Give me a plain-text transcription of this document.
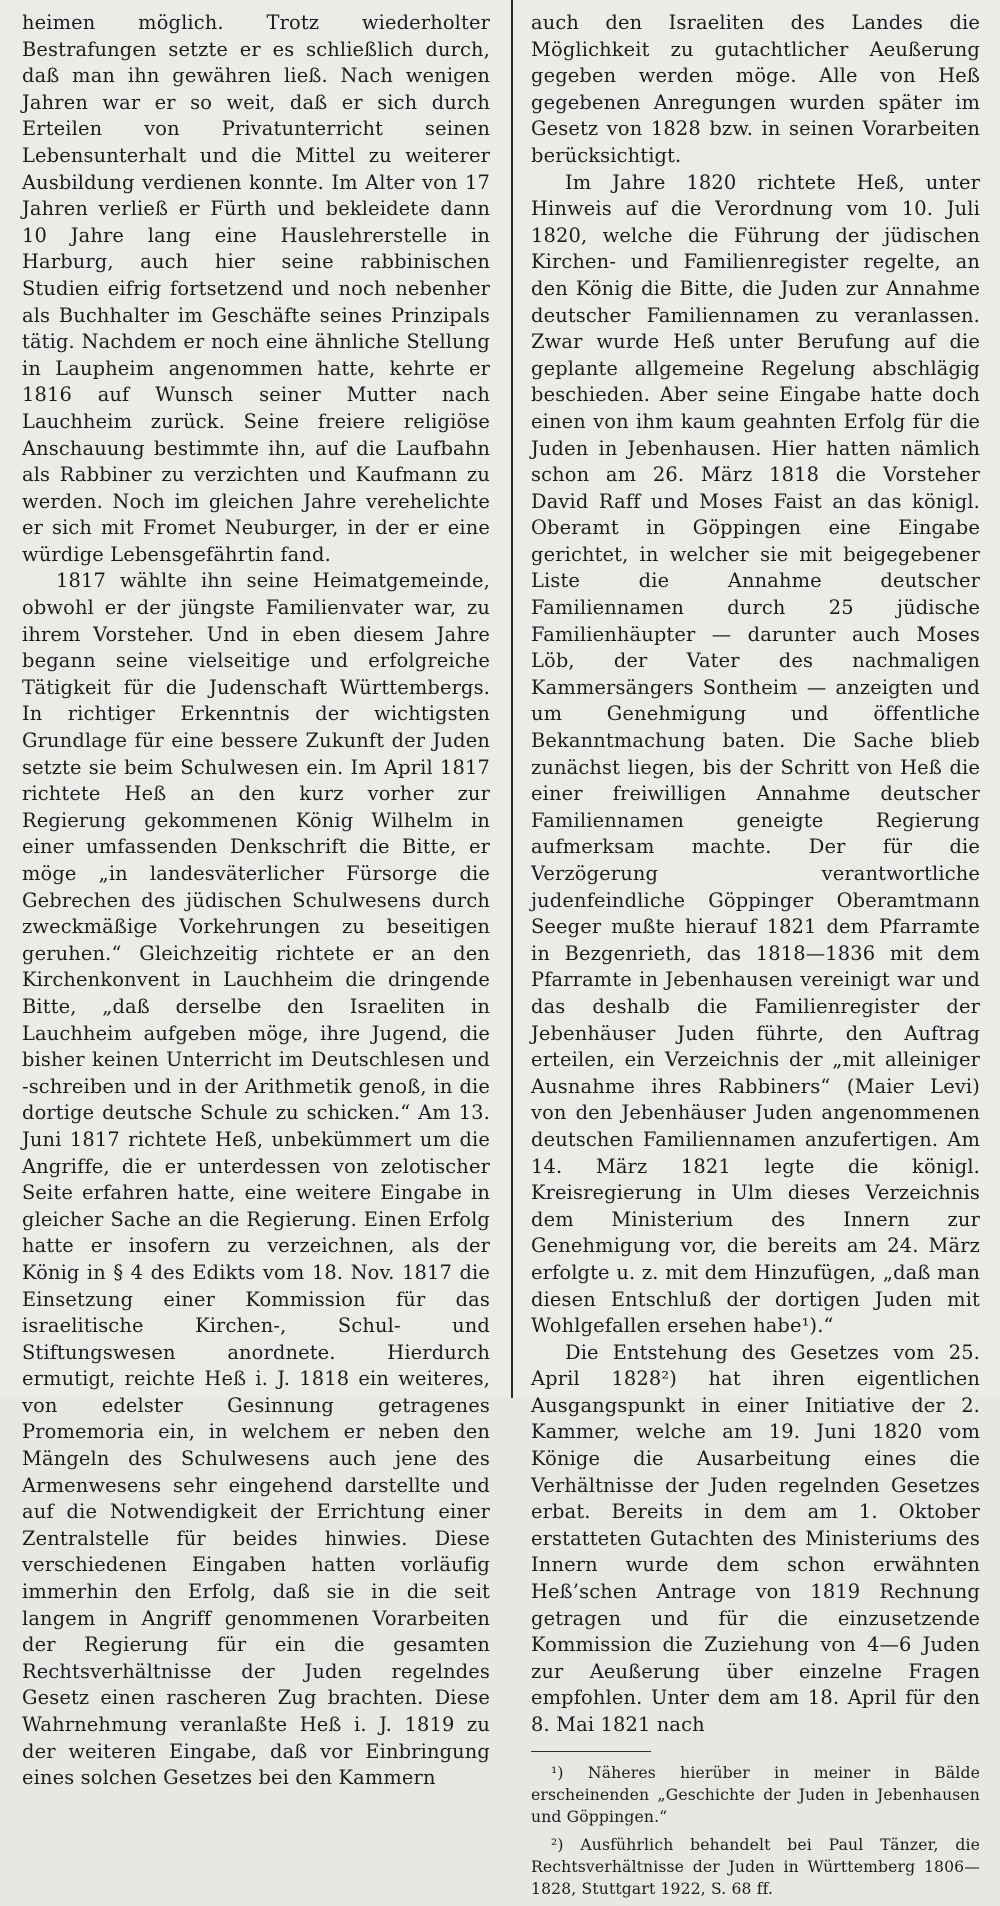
heimen möglich. Trotz wiederholter Bestrafungen setzte er es schließlich durch, daß man ihn gewähren ließ. Nach wenigen Jahren war er so weit, daß er sich durch Erteilen von Privatunterricht seinen Lebensunterhalt und die Mittel zu weiterer Ausbildung verdienen konnte. Im Alter von 17 Jahren verließ er Fürth und bekleidete dann 10 Jahre lang eine Hauslehrerstelle in Harburg, auch hier seine rabbinischen Studien eifrig fortsetzend und noch nebenher als Buchhalter im Geschäfte seines Prinzipals tätig. Nachdem er noch eine ähnliche Stellung in Laupheim angenommen hatte, kehrte er 1816 auf Wunsch seiner Mutter nach Lauchheim zurück. Seine freiere religiöse Anschauung bestimmte ihn, auf die Laufbahn als Rabbiner zu verzichten und Kaufmann zu werden. Noch im gleichen Jahre verehelichte er sich mit Fromet Neuburger, in der er eine würdige Lebensgefährtin fand.

1817 wählte ihn seine Heimatgemeinde, obwohl er der jüngste Familienvater war, zu ihrem Vorsteher. Und in eben diesem Jahre begann seine vielseitige und erfolgreiche Tätigkeit für die Judenschaft Württembergs. In richtiger Erkenntnis der wichtigsten Grundlage für eine bessere Zukunft der Juden setzte sie beim Schulwesen ein. Im April 1817 richtete Heß an den kurz vorher zur Regierung gekommenen König Wilhelm in einer umfassenden Denkschrift die Bitte, er möge „in landesväterlicher Fürsorge die Gebrechen des jüdischen Schulwesens durch zweckmäßige Vorkehrungen zu beseitigen geruhen.“ Gleichzeitig richtete er an den Kirchenkonvent in Lauchheim die dringende Bitte, „daß derselbe den Israeliten in Lauchheim aufgeben möge, ihre Jugend, die bisher keinen Unterricht im Deutschlesen und -schreiben und in der Arithmetik genoß, in die dortige deutsche Schule zu schicken.“ Am 13. Juni 1817 richtete Heß, unbekümmert um die Angriffe, die er unterdessen von zelotischer Seite erfahren hatte, eine weitere Eingabe in gleicher Sache an die Regierung. Einen Erfolg hatte er insofern zu verzeichnen, als der König in § 4 des Edikts vom 18. Nov. 1817 die Einsetzung einer Kommission für das israelitische Kirchen-, Schul- und Stiftungswesen anordnete. Hierdurch ermutigt, reichte Heß i. J. 1818 ein weiteres, von edelster Gesinnung getragenes Promemoria ein, in welchem er neben den Mängeln des Schulwesens auch jene des Armenwesens sehr eingehend darstellte und auf die Notwendigkeit der Errichtung einer Zentralstelle für beides hinwies. Diese verschiedenen Eingaben hatten vorläufig immerhin den Erfolg, daß sie in die seit langem in Angriff genommenen Vorarbeiten der Regierung für ein die gesamten Rechtsverhältnisse der Juden regelndes Gesetz einen rascheren Zug brachten. Diese Wahrnehmung veranlaßte Heß i. J. 1819 zu der weiteren Eingabe, daß vor Einbringung eines solchen Gesetzes bei den Kammern

auch den Israeliten des Landes die Möglichkeit zu gutachtlicher Aeußerung gegeben werden möge. Alle von Heß gegebenen Anregungen wurden später im Gesetz von 1828 bzw. in seinen Vorarbeiten berücksichtigt.

Im Jahre 1820 richtete Heß, unter Hinweis auf die Verordnung vom 10. Juli 1820, welche die Führung der jüdischen Kirchen- und Familienregister regelte, an den König die Bitte, die Juden zur Annahme deutscher Familiennamen zu veranlassen. Zwar wurde Heß unter Berufung auf die geplante allgemeine Regelung abschlägig beschieden. Aber seine Eingabe hatte doch einen von ihm kaum geahnten Erfolg für die Juden in Jebenhausen. Hier hatten nämlich schon am 26. März 1818 die Vorsteher David Raff und Moses Faist an das königl. Oberamt in Göppingen eine Eingabe gerichtet, in welcher sie mit beigegebener Liste die Annahme deutscher Familiennamen durch 25 jüdische Familienhäupter — darunter auch Moses Löb, der Vater des nachmaligen Kammersängers Sontheim — anzeigten und um Genehmigung und öffentliche Bekanntmachung baten. Die Sache blieb zunächst liegen, bis der Schritt von Heß die einer freiwilligen Annahme deutscher Familiennamen geneigte Regierung aufmerksam machte. Der für die Verzögerung verantwortliche judenfeindliche Göppinger Oberamtmann Seeger mußte hierauf 1821 dem Pfarramte in Bezgenrieth, das 1818—1836 mit dem Pfarramte in Jebenhausen vereinigt war und das deshalb die Familienregister der Jebenhäuser Juden führte, den Auftrag erteilen, ein Verzeichnis der „mit alleiniger Ausnahme ihres Rabbiners“ (Maier Levi) von den Jebenhäuser Juden angenommenen deutschen Familiennamen anzufertigen. Am 14. März 1821 legte die königl. Kreisregierung in Ulm dieses Verzeichnis dem Ministerium des Innern zur Genehmigung vor, die bereits am 24. März erfolgte u. z. mit dem Hinzufügen, „daß man diesen Entschluß der dortigen Juden mit Wohlgefallen ersehen habe¹).“

Die Entstehung des Gesetzes vom 25. April 1828²) hat ihren eigentlichen Ausgangspunkt in einer Initiative der 2. Kammer, welche am 19. Juni 1820 vom Könige die Ausarbeitung eines die Verhältnisse der Juden regelnden Gesetzes erbat. Bereits in dem am 1. Oktober erstatteten Gutachten des Ministeriums des Innern wurde dem schon erwähnten Heß’schen Antrage von 1819 Rechnung getragen und für die einzusetzende Kommission die Zuziehung von 4—6 Juden zur Aeußerung über einzelne Fragen empfohlen. Unter dem am 18. April für den 8. Mai 1821 nach

¹) Näheres hierüber in meiner in Bälde erscheinenden „Geschichte der Juden in Jebenhausen und Göppingen.“

²) Ausführlich behandelt bei Paul Tänzer, die Rechtsverhältnisse der Juden in Württemberg 1806—1828, Stuttgart 1922, S. 68 ff.
